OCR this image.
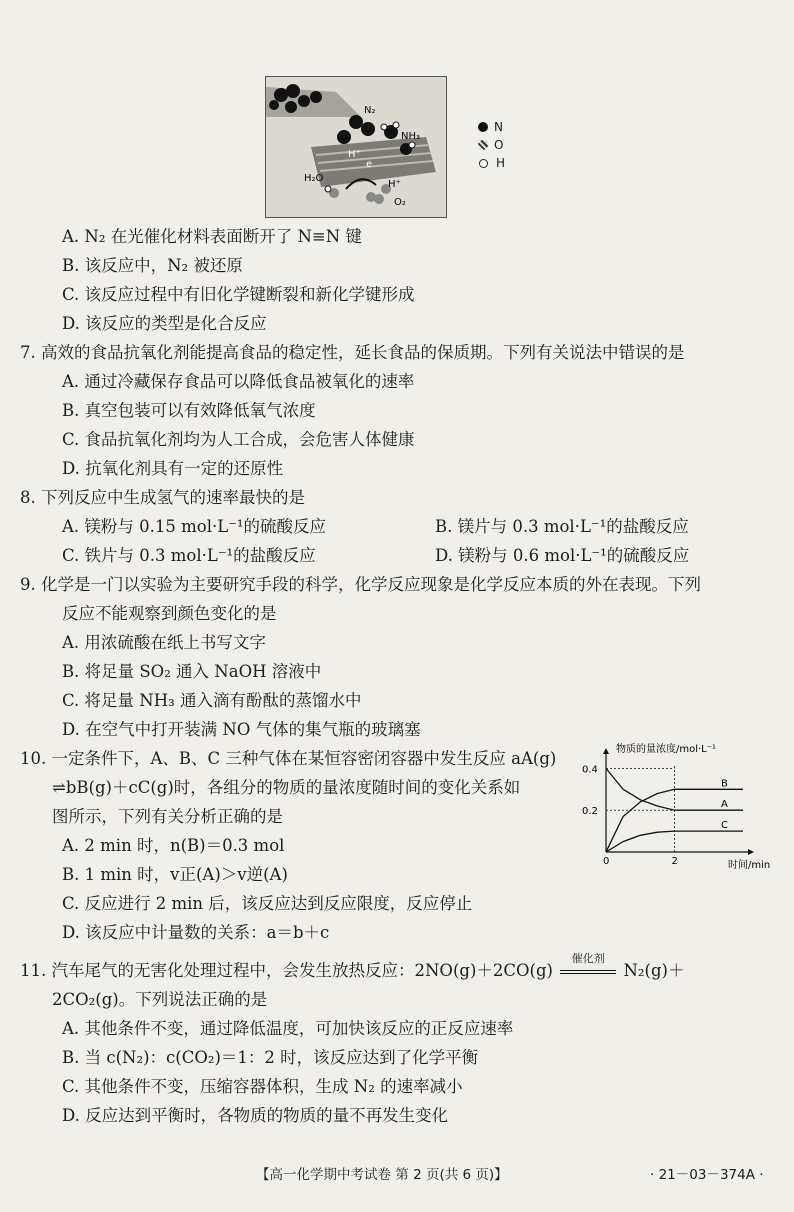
N₂
NH₃
H⁺
e
H₂O
H⁺
O₂
N
O
H
A. N₂ 在光催化材料表面断开了 N≡N 键
B. 该反应中，N₂ 被还原
C. 该反应过程中有旧化学键断裂和新化学键形成
D. 该反应的类型是化合反应
7. 高效的食品抗氧化剂能提高食品的稳定性，延长食品的保质期。下列有关说法中错误的是
A. 通过冷藏保存食品可以降低食品被氧化的速率
B. 真空包装可以有效降低氧气浓度
C. 食品抗氧化剂均为人工合成，会危害人体健康
D. 抗氧化剂具有一定的还原性
8. 下列反应中生成氢气的速率最快的是
A. 镁粉与 0.15 mol·L⁻¹的硫酸反应	B. 镁片与 0.3 mol·L⁻¹的盐酸反应
C. 铁片与 0.3 mol·L⁻¹的盐酸反应	D. 镁粉与 0.6 mol·L⁻¹的硫酸反应
9. 化学是一门以实验为主要研究手段的科学，化学反应现象是化学反应本质的外在表现。下列
反应不能观察到颜色变化的是
A. 用浓硫酸在纸上书写文字
B. 将足量 SO₂ 通入 NaOH 溶液中
C. 将足量 NH₃ 通入滴有酚酞的蒸馏水中
D. 在空气中打开装满 NO 气体的集气瓶的玻璃塞
10. 一定条件下，A、B、C 三种气体在某恒容密闭容器中发生反应 aA(g)
⇌bB(g)＋cC(g)时，各组分的物质的量浓度随时间的变化关系如
图所示，下列有关分析正确的是
A. 2 min 时，n(B)＝0.3 mol
B. 1 min 时，v正(A)＞v逆(A)
C. 反应进行 2 min 后，该反应达到反应限度，反应停止
D. 该反应中计量数的关系：a＝b＋c
物质的量浓度/mol·L⁻¹
时间/min
0.2
0.4
0	2
B
A
C
11. 汽车尾气的无害化处理过程中，会发生放热反应：2NO(g)＋2CO(g)
催化剂
N₂(g)＋
2CO₂(g)。下列说法正确的是
A. 其他条件不变，通过降低温度，可加快该反应的正反应速率
B. 当 c(N₂)：c(CO₂)＝1：2 时，该反应达到了化学平衡
C. 其他条件不变，压缩容器体积，生成 N₂ 的速率减小
D. 反应达到平衡时，各物质的物质的量不再发生变化
【高一化学期中考试卷 第 2 页(共 6 页)】	· 21－03－374A ·
